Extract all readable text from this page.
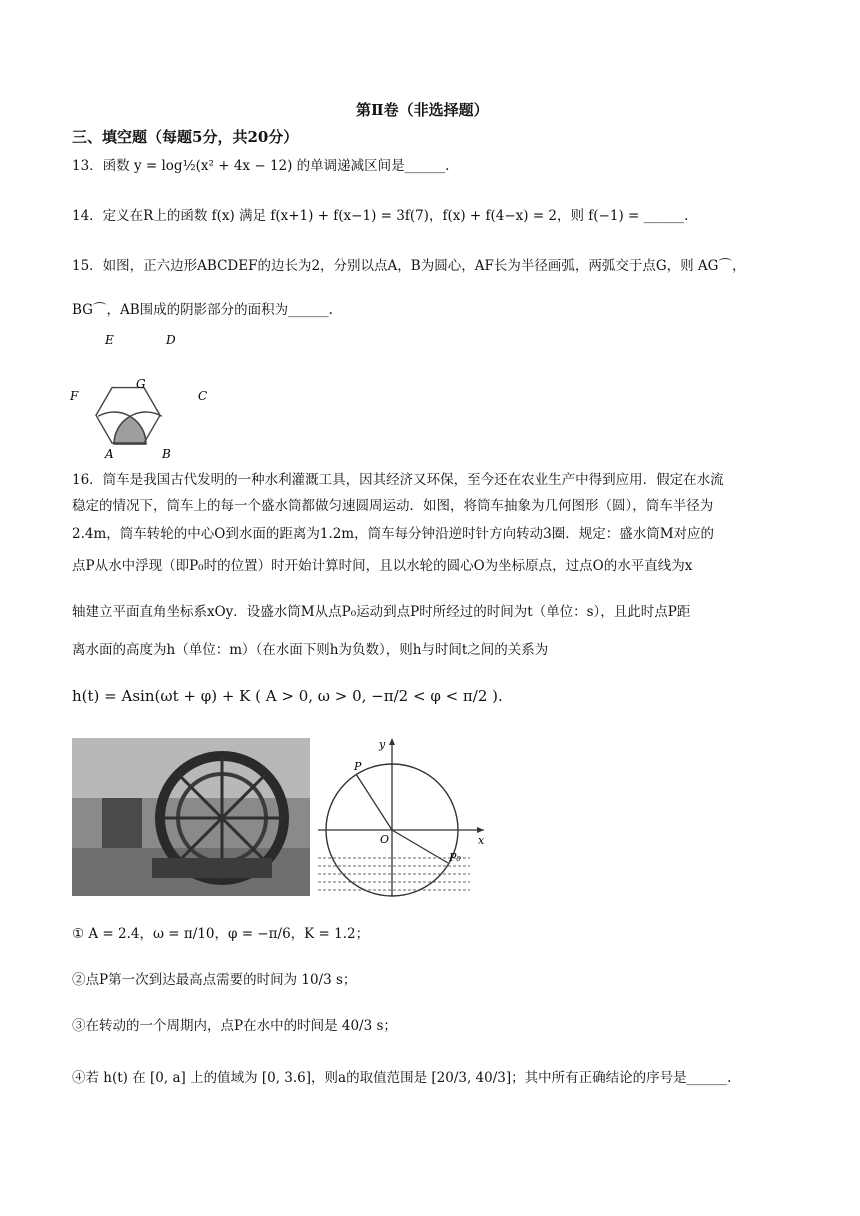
第Ⅱ卷（非选择题）
三、填空题（每题5分，共20分）
13．函数 y = log½(x² + 4x − 12) 的单调递减区间是______.
14．定义在R上的函数 f(x) 满足 f(x+1) + f(x−1) = 3f(7)，f(x) + f(4−x) = 2，则 f(−1) = ______.
15．如图，正六边形ABCDEF的边长为2，分别以点A，B为圆心，AF长为半径画弧，两弧交于点G，则 AG⌒，
BG⌒，AB围成的阴影部分的面积为______.
E	D
F
G
C
A	B
16．筒车是我国古代发明的一种水利灌溉工具，因其经济又环保，至今还在农业生产中得到应用．假定在水流
稳定的情况下，筒车上的每一个盛水筒都做匀速圆周运动．如图，将筒车抽象为几何图形（圆），筒车半径为
2.4m，筒车转轮的中心O到水面的距离为1.2m，筒车每分钟沿逆时针方向转动3圈．规定：盛水筒M对应的
点P从水中浮现（即P₀时的位置）时开始计算时间，且以水轮的圆心O为坐标原点，过点O的水平直线为x
轴建立平面直角坐标系xOy．设盛水筒M从点P₀运动到点P时所经过的时间为t（单位：s），且此时点P距
离水面的高度为h（单位：m）（在水面下则h为负数），则h与时间t之间的关系为
h(t) = Asin(ωt + φ) + K ( A > 0, ω > 0, −π/2 < φ < π/2 ).
y
x
P
O
P₀
① A = 2.4，ω = π/10，φ = −π/6，K = 1.2；
②点P第一次到达最高点需要的时间为 10/3 s；
③在转动的一个周期内，点P在水中的时间是 40/3 s；
④若 h(t) 在 [0, a] 上的值域为 [0, 3.6]，则a的取值范围是 [20/3, 40/3]；其中所有正确结论的序号是______.
